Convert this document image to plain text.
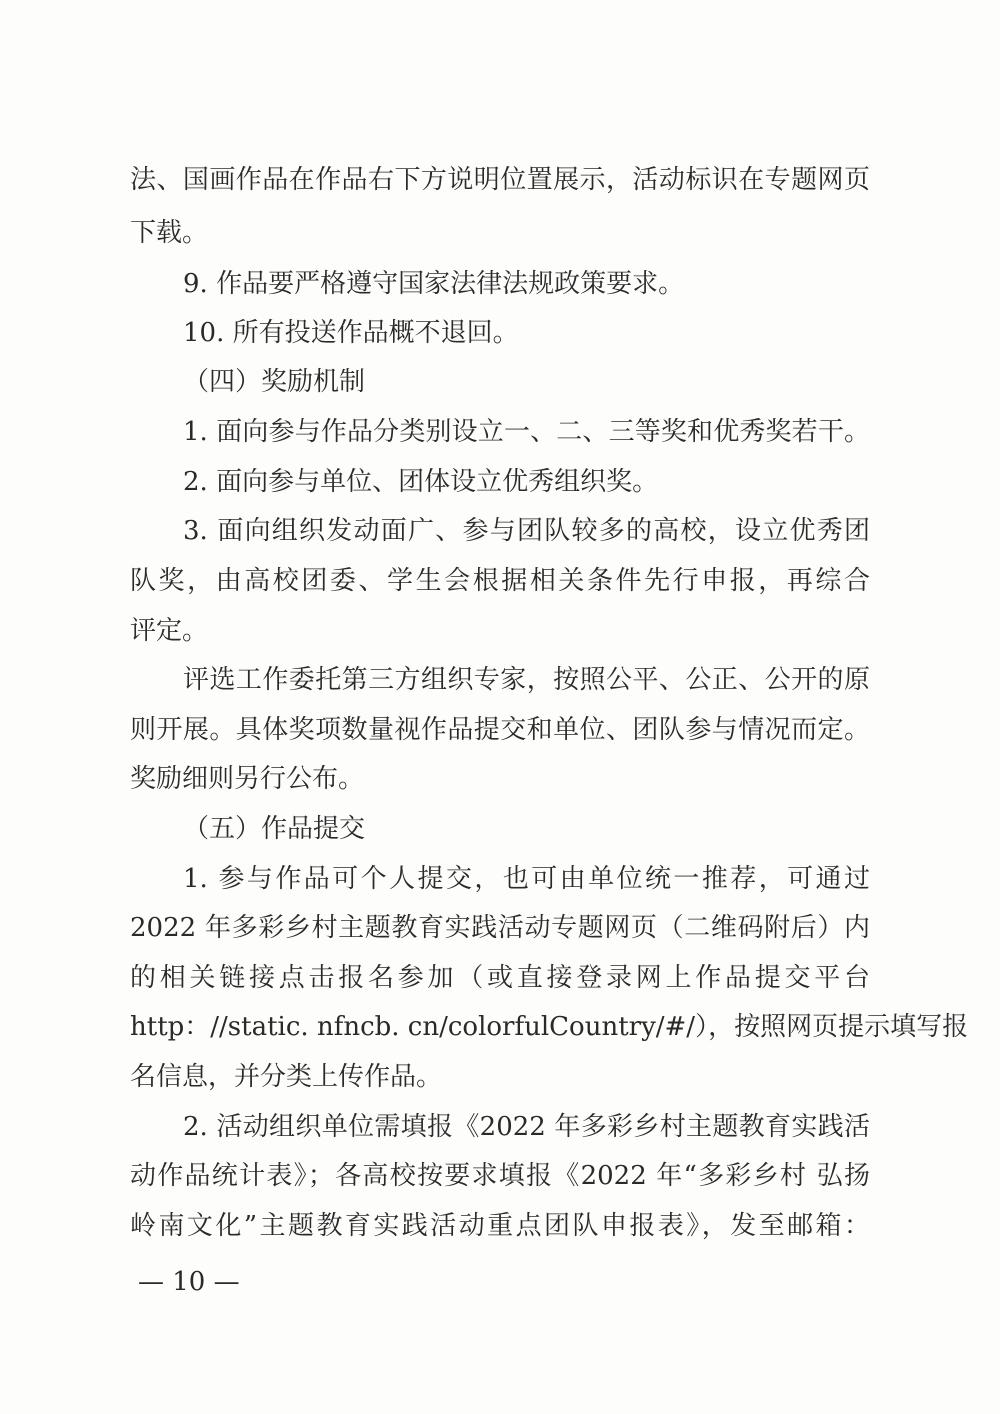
法、国画作品在作品右下方说明位置展示，活动标识在专题网页
下载。
9. 作品要严格遵守国家法律法规政策要求。
10. 所有投送作品概不退回。
（四）奖励机制
1. 面向参与作品分类别设立一、二、三等奖和优秀奖若干。
2. 面向参与单位、团体设立优秀组织奖。
3. 面向组织发动面广、参与团队较多的高校，设立优秀团
队奖，由高校团委、学生会根据相关条件先行申报，再综合
评定。
评选工作委托第三方组织专家，按照公平、公正、公开的原
则开展。具体奖项数量视作品提交和单位、团队参与情况而定。
奖励细则另行公布。
（五）作品提交
1. 参与作品可个人提交，也可由单位统一推荐，可通过
2022 年多彩乡村主题教育实践活动专题网页（二维码附后）内
的相关链接点击报名参加（或直接登录网上作品提交平台
http：//static. nfncb. cn/colorfulCountry/#/），按照网页提示填写报
名信息，并分类上传作品。
2. 活动组织单位需填报《2022 年多彩乡村主题教育实践活
动作品统计表》；各高校按要求填报《2022 年“多彩乡村 弘扬
岭南文化”主题教育实践活动重点团队申报表》，发至邮箱：
— 10 —
